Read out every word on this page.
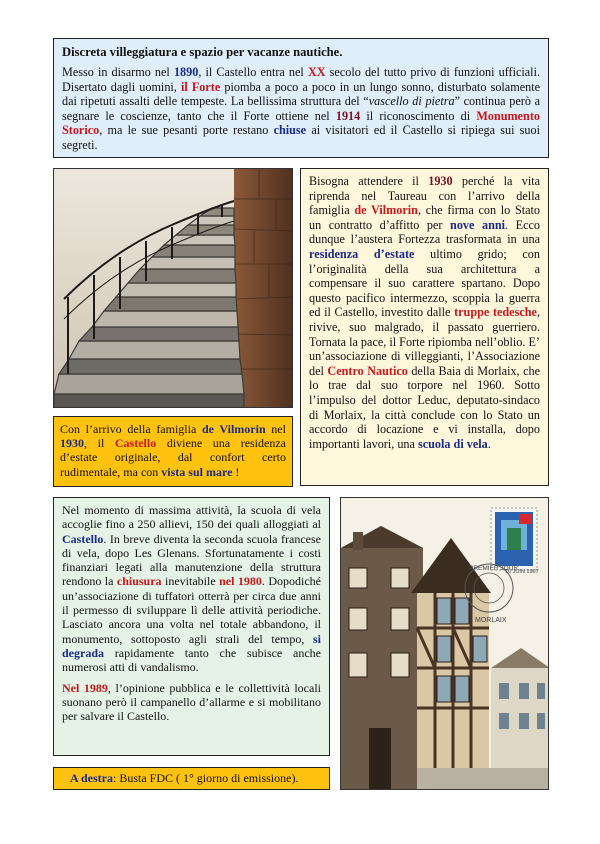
Discreta villeggiatura e spazio per vacanze nautiche.

Messo in disarmo nel 1890, il Castello entra nel XX secolo del tutto privo di funzioni ufficiali. Disertato dagli uomini, il Forte piomba a poco a poco in un lungo sonno, disturbato solamente dai ripetuti assalti delle tempeste. La bellissima struttura del “vascello di pietra” continua però a segnare le coscienze, tanto che il Forte ottiene nel 1914 il riconoscimento di Monumento Storico, ma le sue pesanti porte restano chiuse ai visitatori ed il Castello si ripiega sui suoi segreti.

Bisogna attendere il 1930 perché la vita riprenda nel Taureau con l’arrivo della famiglia de Vilmorin, che firma con lo Stato un contratto d’affitto per nove anni. Ecco dunque l’austera Fortezza trasformata in una residenza d’estate ultimo grido; con l’originalità della sua architettura a compensare il suo carattere spartano. Dopo questo pacifico intermezzo, scoppia la guerra ed il Castello, investito dalle truppe tedesche, rivive, suo malgrado, il passato guerriero. Tornata la pace, il Forte ripiomba nell’oblio. E’ un’associazione di villeggianti, l’Associazione del Centro Nautico della Baia di Morlaix, che lo trae dal suo torpore nel 1960. Sotto l’impulso del dottor Leduc, deputato-sindaco di Morlaix, la città conclude con lo Stato un accordo di locazione e vi installa, dopo importanti lavori, una scuola di vela.

Con l’arrivo della famiglia de Vilmorin nel 1930, il Castello diviene una residenza d’estate originale, dal confort certo rudimentale, ma con vista sul mare !

Nel momento di massima attività, la scuola di vela accoglie fino a 250 allievi, 150 dei quali alloggiati al Castello. In breve diventa la seconda scuola francese di vela, dopo Les Glenans. Sfortunatamente i costi finanziari legati alla manutenzione della struttura rendono la chiusura inevitabile nel 1980. Dopodiché un’associazione di tuffatori otterrà per circa due anni il permesso di sviluppare lì delle attività periodiche. Lasciato ancora una volta nel totale abbandono, il monumento, sottoposto agli strali del tempo, si degrada rapidamente tanto che subisce anche numerosi atti di vandalismo.

Nel 1989, l’opinione pubblica e le collettività locali suonano però il campanello d’allarme e si mobilitano per salvare il Castello.

PREMIER JOUR
MORLAIX
10 JUIN 1967

A destra: Busta FDC ( 1° giorno di emissione).
